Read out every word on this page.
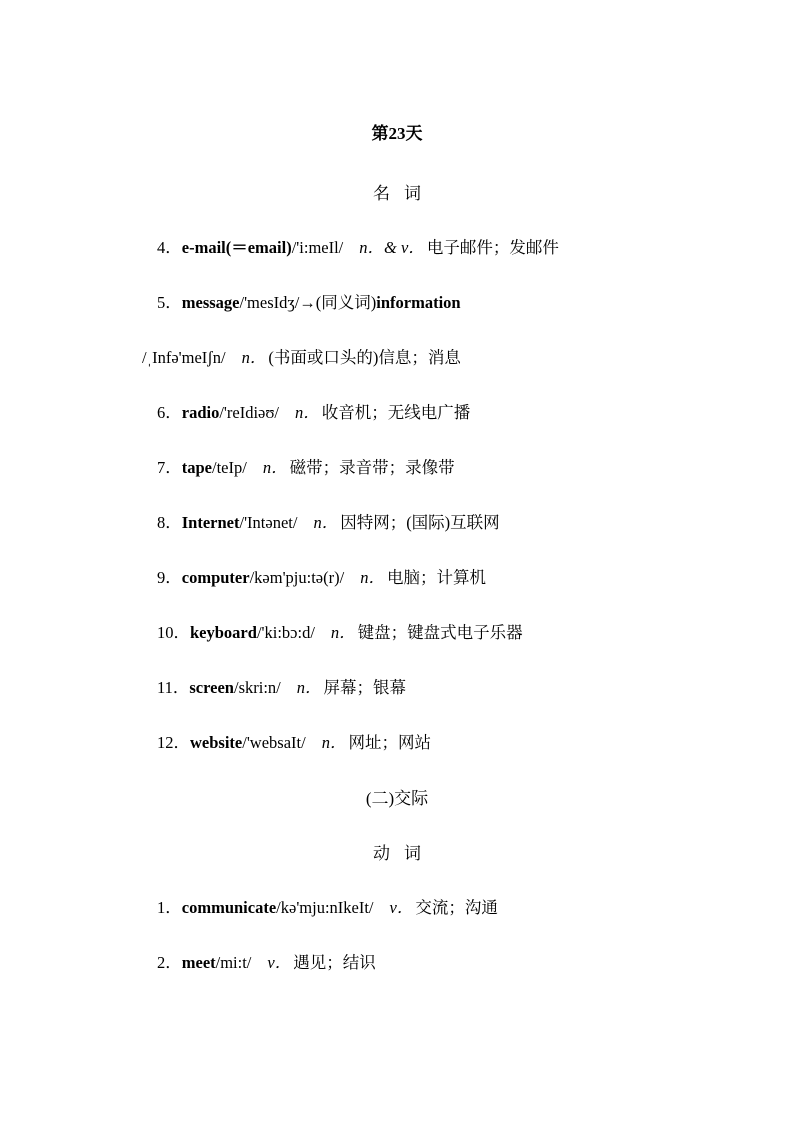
第23天
名词
4．e-mail(＝email)/'i:meIl/ n．& v． 电子邮件；发邮件
5．message/'mesIdʒ/→(同义词)information
/ˌInfə'meIʃn/ n． (书面或口头的)信息；消息
6．radio/'reIdiəʊ/ n． 收音机；无线电广播
7．tape/teIp/ n． 磁带；录音带；录像带
8．Internet/'Intənet/ n． 因特网；(国际)互联网
9．computer/kəm'pju:tə(r)/ n． 电脑；计算机
10．keyboard/'ki:bɔ:d/ n． 键盘；键盘式电子乐器
11．screen/skri:n/ n． 屏幕；银幕
12．website/'websaIt/ n． 网址；网站
(二)交际
动词
1．communicate/kə'mju:nIkeIt/ v． 交流；沟通
2．meet/mi:t/ v． 遇见；结识
